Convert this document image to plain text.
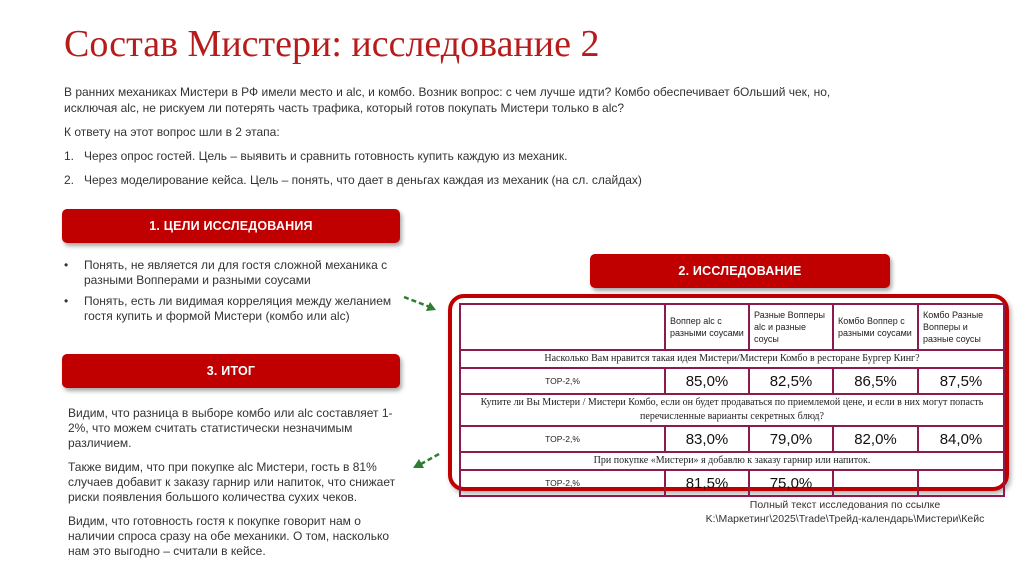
Состав Мистери: исследование 2

В ранних механиках Мистери в РФ имели место и alc, и комбо. Возник вопрос: с чем лучше идти? Комбо обеспечивает бОльший чек, но, исключая alc, не рискуем ли потерять часть трафика, который готов покупать Мистери только в alc?

К ответу на этот вопрос шли в 2 этапа:

1. Через опрос гостей. Цель – выявить и сравнить готовность купить каждую из механик.
2. Через моделирование кейса. Цель – понять, что дает в деньгах каждая из механик (на сл. слайдах)
1. ЦЕЛИ ИССЛЕДОВАНИЯ
•	Понять, не является ли для гостя сложной механика с разными Вопперами и разными соусами
•	Понять, есть ли видимая корреляция между желанием гостя купить и формой Мистери (комбо или alc)
3. ИТОГ

Видим, что разница в выборе комбо или alc составляет 1-2%, что можем считать статистически незначимым различием.

Также видим, что при покупке alc Мистери, гость в 81% случаев добавит к заказу гарнир или напиток, что снижает риски появления большого количества сухих чеков.

Видим, что готовность гостя к покупке говорит нам о наличии спроса сразу на обе механики. О том, насколько нам это выгодно – считали в кейсе.

2. ИССЛЕДОВАНИЕ
	Воппер alc с разными соусами	Разные Вопперы alc и разные соусы	Комбо Воппер с разными соусами	Комбо Разные Вопперы и разные соусы
Насколько Вам нравится такая идея Мистери/Мистери Комбо в ресторане Бургер Кинг?				
TOP-2,%	85,0%	82,5%	86,5%	87,5%
Купите ли Вы Мистери / Мистери Комбо, если он будет продаваться по приемлемой цене, и если в них могут попасть перечисленные варианты секретных блюд?				
TOP-2,%	83,0%	79,0%	82,0%	84,0%
При покупке «Мистери» я добавлю к заказу гарнир или напиток.				
TOP-2,%	81,5%	75,0%		
Полный текст исследования по ссылке
K:\Маркетинг\2025\Trade\Трейд-календарь\Мистери\Кейс
